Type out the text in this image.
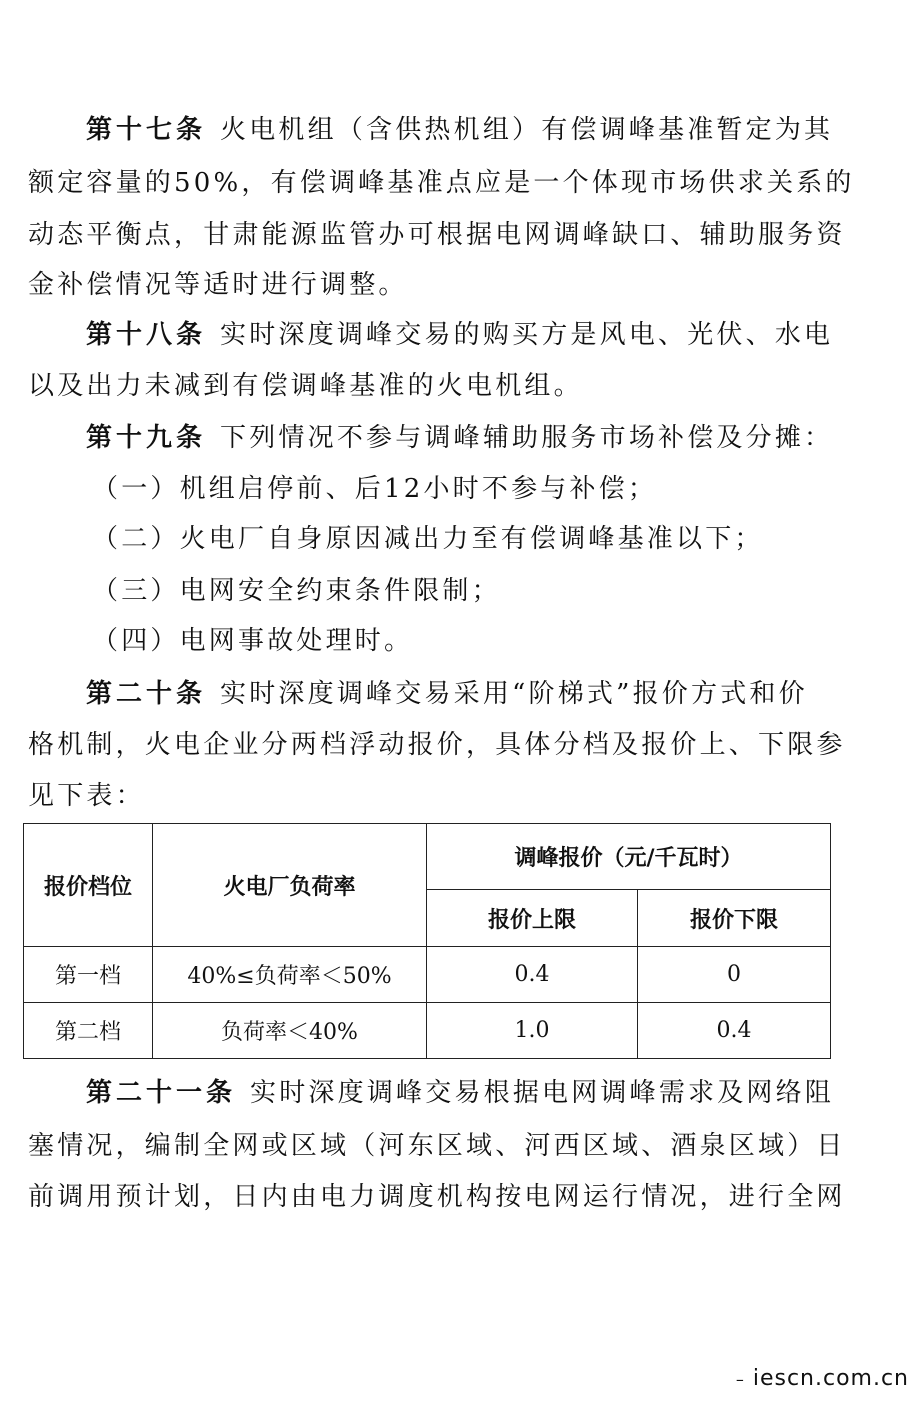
第十七条 火电机组（含供热机组）有偿调峰基准暂定为其
额定容量的50%，有偿调峰基准点应是一个体现市场供求关系的
动态平衡点，甘肃能源监管办可根据电网调峰缺口、辅助服务资
金补偿情况等适时进行调整。
第十八条 实时深度调峰交易的购买方是风电、光伏、水电
以及出力未减到有偿调峰基准的火电机组。
第十九条 下列情况不参与调峰辅助服务市场补偿及分摊：
（一）机组启停前、后12小时不参与补偿；
（二）火电厂自身原因减出力至有偿调峰基准以下；
（三）电网安全约束条件限制；
（四）电网事故处理时。
第二十条 实时深度调峰交易采用“阶梯式”报价方式和价
格机制，火电企业分两档浮动报价，具体分档及报价上、下限参
见下表：
报价档位	火电厂负荷率	调峰报价（元/千瓦时）	
		报价上限	报价下限
第一档	40%≤负荷率＜50%	0.4	0
第二档	负荷率＜40%	1.0	0.4
第二十一条 实时深度调峰交易根据电网调峰需求及网络阻
塞情况，编制全网或区域（河东区域、河西区域、酒泉区域）日
前调用预计划，日内由电力调度机构按电网运行情况，进行全网
– iescn.com.cn
